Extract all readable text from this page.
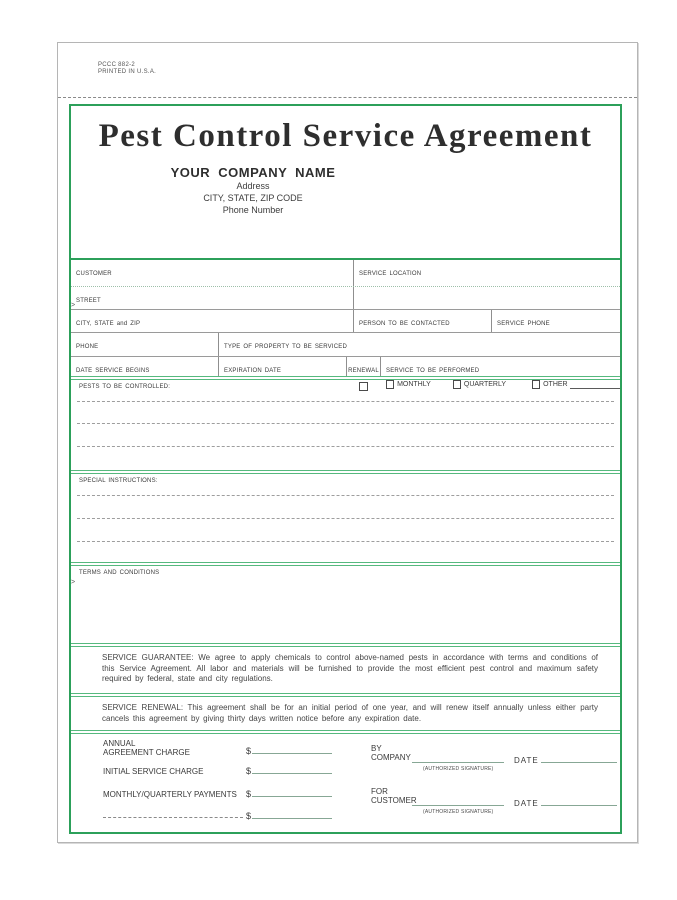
PCCC 882-2
PRINTED IN U.S.A.
Pest Control Service Agreement
YOUR COMPANY NAME
Address
CITY, STATE, ZIP CODE
Phone Number
CUSTOMER	SERVICE LOCATION
STREET
>
CITY, STATE and ZIP	PERSON TO BE CONTACTED	SERVICE PHONE
PHONE	TYPE OF PROPERTY TO BE SERVICED
DATE SERVICE BEGINS	EXPIRATION DATE	RENEWAL	SERVICE TO BE PERFORMED
MONTHLY	QUARTERLY	OTHER
PESTS TO BE CONTROLLED:
SPECIAL INSTRUCTIONS:
TERMS AND CONDITIONS
>
SERVICE GUARANTEE: We agree to apply chemicals to control above-named pests in accordance with terms and conditions of this Service Agreement. All labor and materials will be furnished to provide the most efficient pest control and maximum safety required by federal, state and city regulations.
SERVICE RENEWAL: This agreement shall be for an initial period of one year, and will renew itself annually unless either party cancels this agreement by giving thirty days written notice before any expiration date.
ANNUAL
AGREEMENT CHARGE	$
INITIAL SERVICE CHARGE	$
MONTHLY/QUARTERLY PAYMENTS $
$
BY
COMPANY
(AUTHORIZED SIGNATURE)
DATE
FOR
CUSTOMER
(AUTHORIZED SIGNATURE)
DATE
